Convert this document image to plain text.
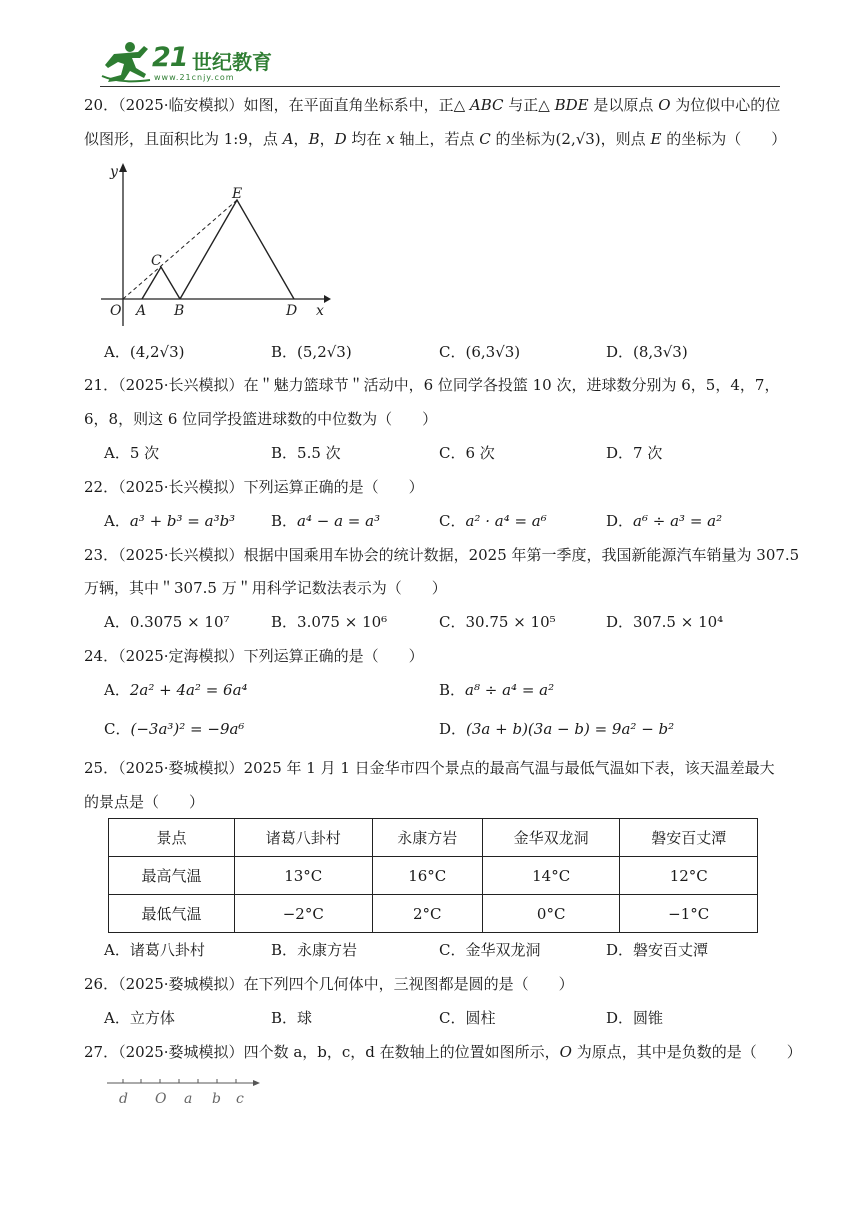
21 世纪教育
www.21cnjy.com
20．（2025·临安模拟）如图，在平面直角坐标系中，正△ ABC 与正△ BDE 是以原点 O 为位似中心的位
似图形，且面积比为 1:9，点 A，B，D 均在 x 轴上，若点 C 的坐标为(2,√3)，则点 E 的坐标为（　　）
y
x
O A B
C
D
E
A．(4,2√3)	B．(5,2√3)	C．(6,3√3)	D．(8,3√3)
21．（2025·长兴模拟）在＂魅力篮球节＂活动中，6 位同学各投篮 10 次，进球数分别为 6，5，4，7，
6，8，则这 6 位同学投篮进球数的中位数为（　　）
A．5 次	B．5.5 次	C．6 次	D．7 次
22．（2025·长兴模拟）下列运算正确的是（　　）
A．a³ + b³ = a³b³ B．a⁴ − a = a³	C．a² · a⁴ = a⁶	D．a⁶ ÷ a³ = a²
23．（2025·长兴模拟）根据中国乘用车协会的统计数据，2025 年第一季度，我国新能源汽车销量为 307.5
万辆，其中＂307.5 万＂用科学记数法表示为（　　）
A．0.3075 × 10⁷	B．3.075 × 10⁶	C．30.75 × 10⁵	D．307.5 × 10⁴
24．（2025·定海模拟）下列运算正确的是（　　）
A．2a² + 4a² = 6a⁴	B．a⁸ ÷ a⁴ = a²
C．(−3a³)² = −9a⁶	D．(3a + b)(3a − b) = 9a² − b²
25．（2025·婺城模拟）2025 年 1 月 1 日金华市四个景点的最高气温与最低气温如下表，该天温差最大
的景点是（　　）
景点	诸葛八卦村	永康方岩	金华双龙洞	磐安百丈潭
最高气温	13°C	16°C	14°C	12°C
最低气温	−2°C	2°C	0°C	−1°C
A．诸葛八卦村	B．永康方岩	C．金华双龙洞	D．磐安百丈潭
26．（2025·婺城模拟）在下列四个几何体中，三视图都是圆的是（　　）
A．立方体	B．球	C．圆柱	D．圆锥
27．（2025·婺城模拟）四个数 a，b，c，d 在数轴上的位置如图所示，O 为原点，其中是负数的是（　　）
d O a b c
